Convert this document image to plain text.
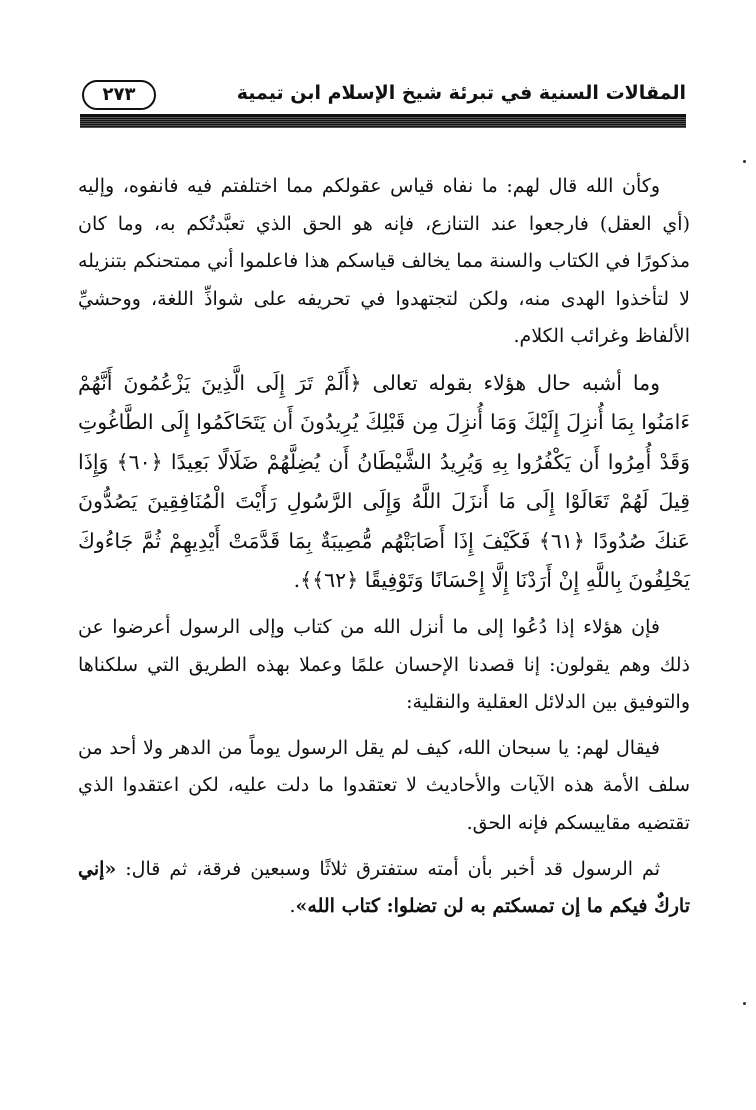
المقالات السنية في تبرئة شيخ الإسلام ابن تيمية
٢٧٣

وكأن الله قال لهم: ما نفاه قياس عقولكم مما اختلفتم فيه فانفوه، وإليه (أي العقل) فارجعوا عند التنازع، فإنه هو الحق الذي تعبَّدتُكم به، وما كان مذكورًا في الكتاب والسنة مما يخالف قياسكم هذا فاعلموا أني ممتحنكم بتنزيله لا لتأخذوا الهدى منه، ولكن لتجتهدوا في تحريفه على شواذِّ اللغة، ووحشيِّ الألفاظ وغرائب الكلام.

وما أشبه حال هؤلاء بقوله تعالى ﴿أَلَمْ تَرَ إِلَى الَّذِينَ يَزْعُمُونَ أَنَّهُمْ ءَامَنُوا بِمَا أُنزِلَ إِلَيْكَ وَمَا أُنزِلَ مِن قَبْلِكَ يُرِيدُونَ أَن يَتَحَاكَمُوا إِلَى الطَّاغُوتِ وَقَدْ أُمِرُوا أَن يَكْفُرُوا بِهِ وَيُرِيدُ الشَّيْطَانُ أَن يُضِلَّهُمْ ضَلَالًا بَعِيدًا ﴿٦٠﴾ وَإِذَا قِيلَ لَهُمْ تَعَالَوْا إِلَى مَا أَنزَلَ اللَّهُ وَإِلَى الرَّسُولِ رَأَيْتَ الْمُنَافِقِينَ يَصُدُّونَ عَنكَ صُدُودًا ﴿٦١﴾ فَكَيْفَ إِذَا أَصَابَتْهُم مُّصِيبَةٌ بِمَا قَدَّمَتْ أَيْدِيهِمْ ثُمَّ جَاءُوكَ يَحْلِفُونَ بِاللَّهِ إِنْ أَرَدْنَا إِلَّا إِحْسَانًا وَتَوْفِيقًا ﴿٦٢﴾﴾.

فإن هؤلاء إذا دُعُوا إلى ما أنزل الله من كتاب وإلى الرسول أعرضوا عن ذلك وهم يقولون: إنا قصدنا الإحسان علمًا وعملا بهذه الطريق التي سلكناها والتوفيق بين الدلائل العقلية والنقلية:

فيقال لهم: يا سبحان الله، كيف لم يقل الرسول يوماً من الدهر ولا أحد من سلف الأمة هذه الآيات والأحاديث لا تعتقدوا ما دلت عليه، لكن اعتقدوا الذي تقتضيه مقاييسكم فإنه الحق.

ثم الرسول قد أخبر بأن أمته ستفترق ثلاثًا وسبعين فرقة، ثم قال: «إني تاركٌ فيكم ما إن تمسكتم به لن تضلوا: كتاب الله».
